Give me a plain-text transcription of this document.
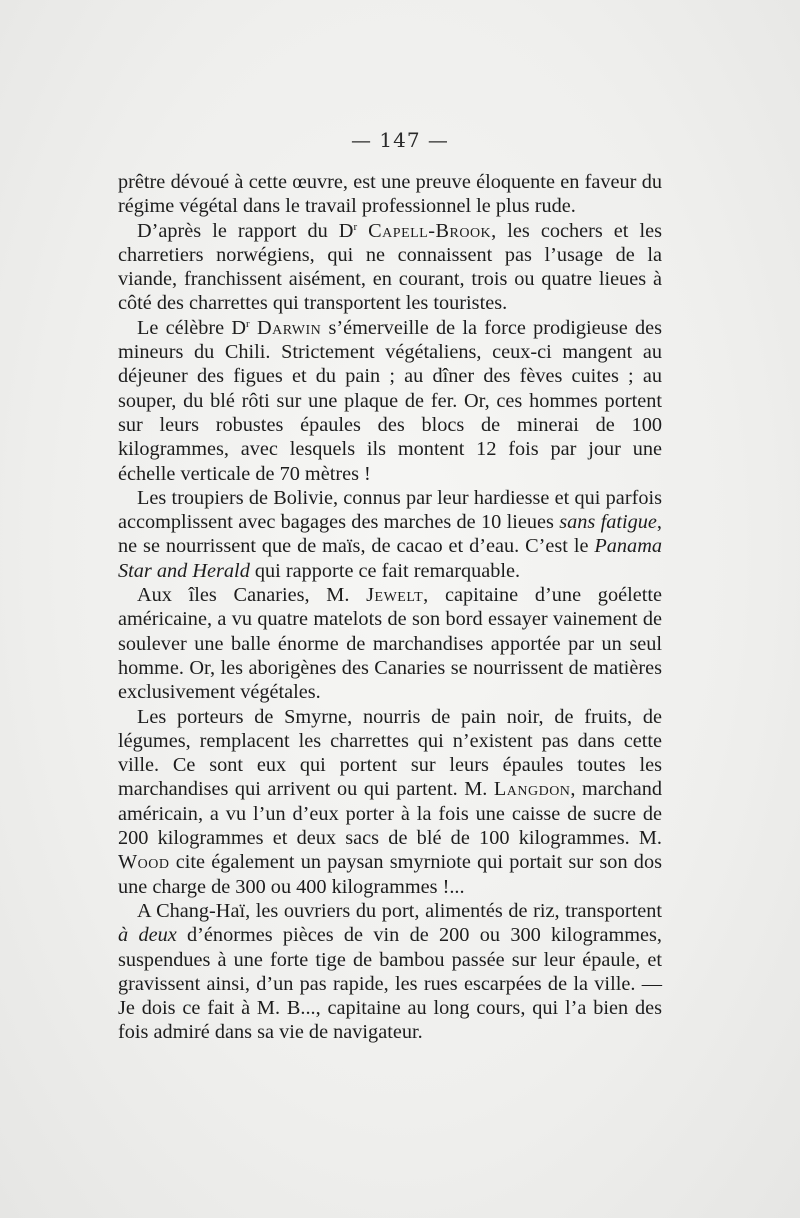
— 147 —

prêtre dévoué à cette œuvre, est une preuve éloquente en faveur du régime végétal dans le travail professionnel le plus rude.

D’après le rapport du $D^r$ Capell-Brook, les cochers et les charretiers norwégiens, qui ne connaissent pas l’usage de la viande, franchissent aisément, en courant, trois ou quatre lieues à côté des charrettes qui transportent les touristes.

Le célèbre $D^r$ Darwin s’émerveille de la force prodigieuse des mineurs du Chili. Strictement végétaliens, ceux-ci mangent au déjeuner des figues et du pain ; au dîner des fèves cuites ; au souper, du blé rôti sur une plaque de fer. Or, ces hommes portent sur leurs robustes épaules des blocs de minerai de 100 kilogrammes, avec lesquels ils montent 12 fois par jour une échelle verticale de 70 mètres !

Les troupiers de Bolivie, connus par leur hardiesse et qui parfois accomplissent avec bagages des marches de 10 lieues sans fatigue, ne se nourrissent que de maïs, de cacao et d’eau. C’est le Panama Star and Herald qui rapporte ce fait remarquable.

Aux îles Canaries, M. Jewelt, capitaine d’une goélette américaine, a vu quatre matelots de son bord essayer vainement de soulever une balle énorme de marchandises apportée par un seul homme. Or, les aborigènes des Canaries se nourrissent de matières exclusivement végétales.

Les porteurs de Smyrne, nourris de pain noir, de fruits, de légumes, remplacent les charrettes qui n’existent pas dans cette ville. Ce sont eux qui portent sur leurs épaules toutes les marchandises qui arrivent ou qui partent. M. Langdon, marchand américain, a vu l’un d’eux porter à la fois une caisse de sucre de 200 kilogrammes et deux sacs de blé de 100 kilogrammes. M. Wood cite également un paysan smyrniote qui portait sur son dos une charge de 300 ou 400 kilogrammes !...

A Chang-Haï, les ouvriers du port, alimentés de riz, transportent à deux d’énormes pièces de vin de 200 ou 300 kilogrammes, suspendues à une forte tige de bambou passée sur leur épaule, et gravissent ainsi, d’un pas rapide, les rues escarpées de la ville. — Je dois ce fait à M. B..., capitaine au long cours, qui l’a bien des fois admiré dans sa vie de navigateur.
